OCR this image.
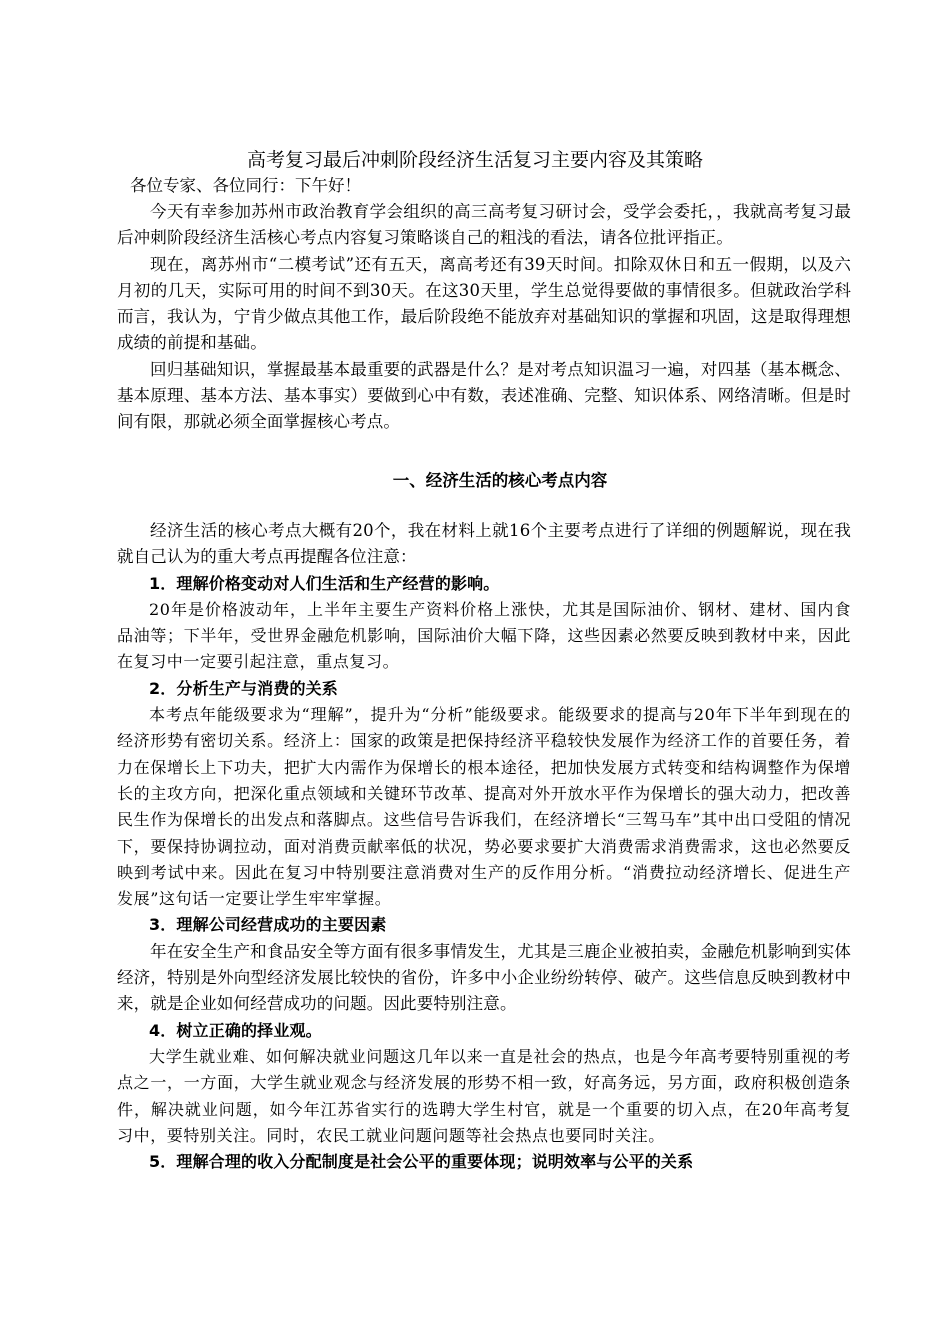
高考复习最后冲刺阶段经济生活复习主要内容及其策略
各位专家、各位同行：下午好！

今天有幸参加苏州市政治教育学会组织的高三高考复习研讨会，受学会委托，，我就高考复习最后冲刺阶段经济生活核心考点内容复习策略谈自己的粗浅的看法，请各位批评指正。

现在，离苏州市“二模考试”还有五天，离高考还有39天时间。扣除双休日和五一假期，以及六月初的几天，实际可用的时间不到30天。在这30天里，学生总觉得要做的事情很多。但就政治学科而言，我认为，宁肯少做点其他工作，最后阶段绝不能放弃对基础知识的掌握和巩固，这是取得理想成绩的前提和基础。

回归基础知识，掌握最基本最重要的武器是什么？是对考点知识温习一遍，对四基（基本概念、基本原理、基本方法、基本事实）要做到心中有数，表述准确、完整、知识体系、网络清晰。但是时间有限，那就必须全面掌握核心考点。

一、经济生活的核心考点内容

经济生活的核心考点大概有20个，我在材料上就16个主要考点进行了详细的例题解说，现在我就自己认为的重大考点再提醒各位注意：

1．理解价格变动对人们生活和生产经营的影响。

20年是价格波动年，上半年主要生产资料价格上涨快，尤其是国际油价、钢材、建材、国内食品油等；下半年，受世界金融危机影响，国际油价大幅下降，这些因素必然要反映到教材中来，因此在复习中一定要引起注意，重点复习。

2．分析生产与消费的关系

本考点年能级要求为“理解”，提升为“分析”能级要求。能级要求的提高与20年下半年到现在的经济形势有密切关系。经济上：国家的政策是把保持经济平稳较快发展作为经济工作的首要任务，着力在保增长上下功夫，把扩大内需作为保增长的根本途径，把加快发展方式转变和结构调整作为保增长的主攻方向，把深化重点领域和关键环节改革、提高对外开放水平作为保增长的强大动力，把改善民生作为保增长的出发点和落脚点。这些信号告诉我们，在经济增长“三驾马车”其中出口受阻的情况下，要保持协调拉动，面对消费贡献率低的状况，势必要求要扩大消费需求消费需求，这也必然要反映到考试中来。因此在复习中特别要注意消费对生产的反作用分析。“消费拉动经济增长、促进生产发展”这句话一定要让学生牢牢掌握。

3．理解公司经营成功的主要因素

年在安全生产和食品安全等方面有很多事情发生，尤其是三鹿企业被拍卖，金融危机影响到实体经济，特别是外向型经济发展比较快的省份，许多中小企业纷纷转停、破产。这些信息反映到教材中来，就是企业如何经营成功的问题。因此要特别注意。

4．树立正确的择业观。

大学生就业难、如何解决就业问题这几年以来一直是社会的热点，也是今年高考要特别重视的考点之一，一方面，大学生就业观念与经济发展的形势不相一致，好高务远，另方面，政府积极创造条件，解决就业问题，如今年江苏省实行的选聘大学生村官，就是一个重要的切入点，在20年高考复习中，要特别关注。同时，农民工就业问题问题等社会热点也要同时关注。

5．理解合理的收入分配制度是社会公平的重要体现；说明效率与公平的关系
